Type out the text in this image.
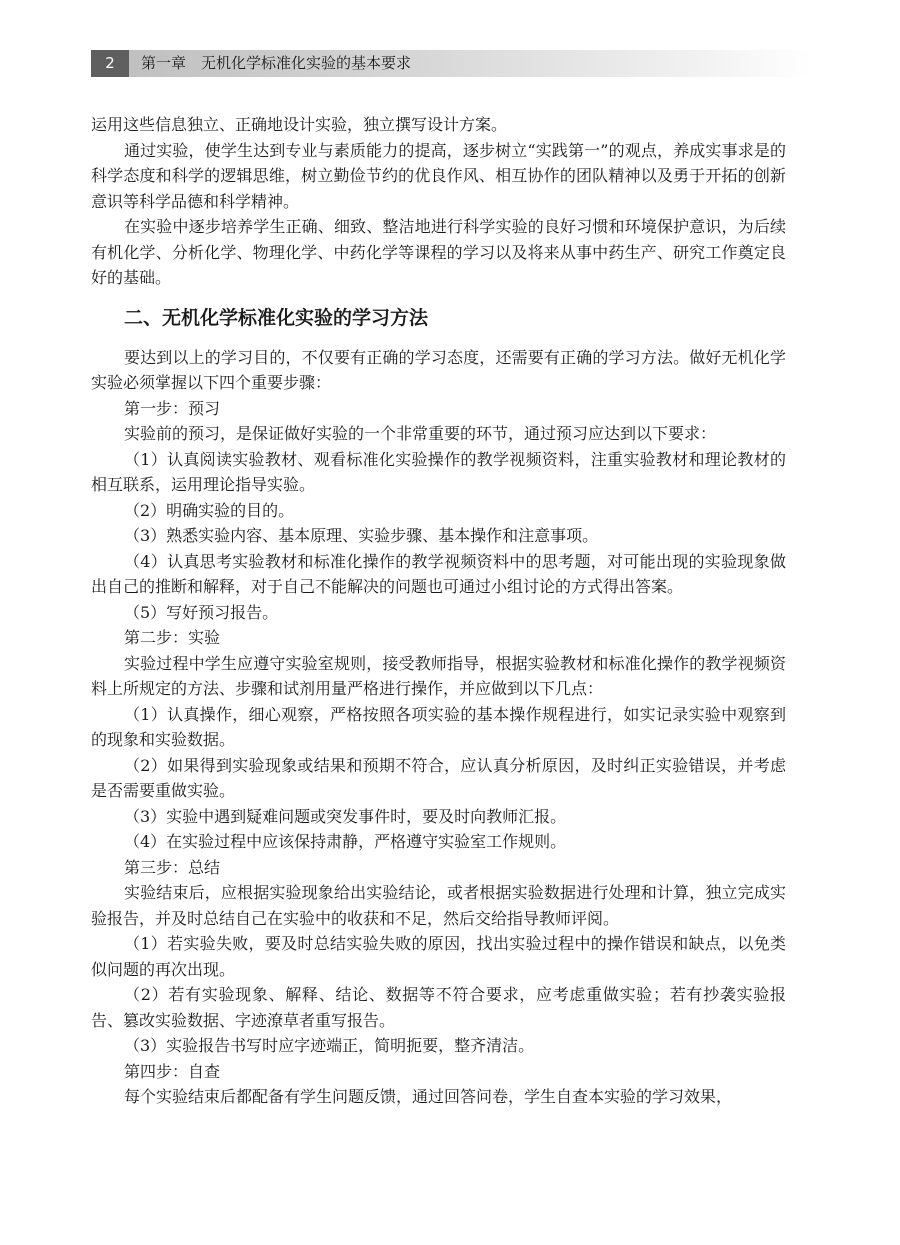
2	第一章　无机化学标准化实验的基本要求

运用这些信息独立、正确地设计实验，独立撰写设计方案。

通过实验，使学生达到专业与素质能力的提高，逐步树立“实践第一”的观点，养成实事求是的科学态度和科学的逻辑思维，树立勤俭节约的优良作风、相互协作的团队精神以及勇于开拓的创新意识等科学品德和科学精神。

在实验中逐步培养学生正确、细致、整洁地进行科学实验的良好习惯和环境保护意识，为后续有机化学、分析化学、物理化学、中药化学等课程的学习以及将来从事中药生产、研究工作奠定良好的基础。

二、无机化学标准化实验的学习方法

要达到以上的学习目的，不仅要有正确的学习态度，还需要有正确的学习方法。做好无机化学实验必须掌握以下四个重要步骤：

第一步：预习

实验前的预习，是保证做好实验的一个非常重要的环节，通过预习应达到以下要求：

（1）认真阅读实验教材、观看标准化实验操作的教学视频资料，注重实验教材和理论教材的相互联系，运用理论指导实验。

（2）明确实验的目的。

（3）熟悉实验内容、基本原理、实验步骤、基本操作和注意事项。

（4）认真思考实验教材和标准化操作的教学视频资料中的思考题，对可能出现的实验现象做出自己的推断和解释，对于自己不能解决的问题也可通过小组讨论的方式得出答案。

（5）写好预习报告。

第二步：实验

实验过程中学生应遵守实验室规则，接受教师指导，根据实验教材和标准化操作的教学视频资料上所规定的方法、步骤和试剂用量严格进行操作，并应做到以下几点：

（1）认真操作，细心观察，严格按照各项实验的基本操作规程进行，如实记录实验中观察到的现象和实验数据。

（2）如果得到实验现象或结果和预期不符合，应认真分析原因，及时纠正实验错误，并考虑是否需要重做实验。

（3）实验中遇到疑难问题或突发事件时，要及时向教师汇报。

（4）在实验过程中应该保持肃静，严格遵守实验室工作规则。

第三步：总结

实验结束后，应根据实验现象给出实验结论，或者根据实验数据进行处理和计算，独立完成实验报告，并及时总结自己在实验中的收获和不足，然后交给指导教师评阅。

（1）若实验失败，要及时总结实验失败的原因，找出实验过程中的操作错误和缺点，以免类似问题的再次出现。

（2）若有实验现象、解释、结论、数据等不符合要求，应考虑重做实验；若有抄袭实验报告、篡改实验数据、字迹潦草者重写报告。

（3）实验报告书写时应字迹端正，简明扼要，整齐清洁。

第四步：自查

每个实验结束后都配备有学生问题反馈，通过回答问卷，学生自查本实验的学习效果，
